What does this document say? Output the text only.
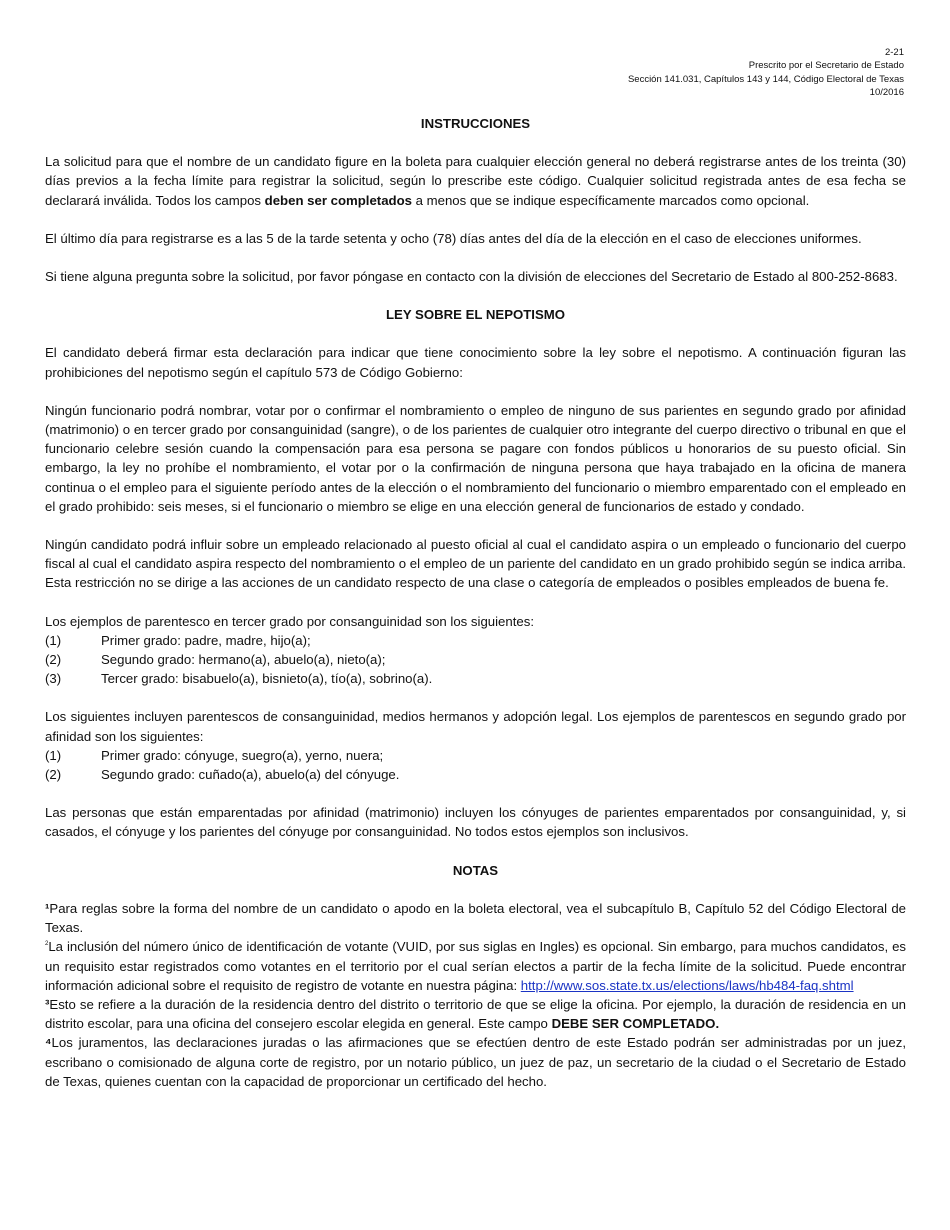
2-21
Prescrito por el Secretario de Estado
Sección 141.031, Capítulos 143 y 144, Código Electoral de Texas
10/2016
INSTRUCCIONES

La solicitud para que el nombre de un candidato figure en la boleta para cualquier elección general no deberá registrarse antes de los treinta (30) días previos a la fecha límite para registrar la solicitud, según lo prescribe este código. Cualquier solicitud registrada antes de esa fecha se declarará inválida. Todos los campos deben ser completados a menos que se indique específicamente marcados como opcional.

El último día para registrarse es a las 5 de la tarde setenta y ocho (78) días antes del día de la elección en el caso de elecciones uniformes.

Si tiene alguna pregunta sobre la solicitud, por favor póngase en contacto con la división de elecciones del Secretario de Estado al 800-252-8683.

LEY SOBRE EL NEPOTISMO

El candidato deberá firmar esta declaración para indicar que tiene conocimiento sobre la ley sobre el nepotismo. A continuación figuran las prohibiciones del nepotismo según el capítulo 573 de Código Gobierno:

Ningún funcionario podrá nombrar, votar por o confirmar el nombramiento o empleo de ninguno de sus parientes en segundo grado por afinidad (matrimonio) o en tercer grado por consanguinidad (sangre), o de los parientes de cualquier otro integrante del cuerpo directivo o tribunal en que el funcionario celebre sesión cuando la compensación para esa persona se pagare con fondos públicos u honorarios de su puesto oficial. Sin embargo, la ley no prohíbe el nombramiento, el votar por o la confirmación de ninguna persona que haya trabajado en la oficina de manera continua o el empleo para el siguiente período antes de la elección o el nombramiento del funcionario o miembro emparentado con el empleado en el grado prohibido: seis meses, si el funcionario o miembro se elige en una elección general de funcionarios de estado y condado.

Ningún candidato podrá influir sobre un empleado relacionado al puesto oficial al cual el candidato aspira o un empleado o funcionario del cuerpo fiscal al cual el candidato aspira respecto del nombramiento o el empleo de un pariente del candidato en un grado prohibido según se indica arriba. Esta restricción no se dirige a las acciones de un candidato respecto de una clase o categoría de empleados o posibles empleados de buena fe.

Los ejemplos de parentesco en tercer grado por consanguinidad son los siguientes:
(1)	Primer grado: padre, madre, hijo(a);
(2)	Segundo grado: hermano(a), abuelo(a), nieto(a);
(3)	Tercer grado: bisabuelo(a), bisnieto(a), tío(a), sobrino(a).
Los siguientes incluyen parentescos de consanguinidad, medios hermanos y adopción legal. Los ejemplos de parentescos en segundo grado por afinidad son los siguientes:
(1)	Primer grado: cónyuge, suegro(a), yerno, nuera;
(2)	Segundo grado: cuñado(a), abuelo(a) del cónyuge.

Las personas que están emparentadas por afinidad (matrimonio) incluyen los cónyuges de parientes emparentados por consanguinidad, y, si casados, el cónyuge y los parientes del cónyuge por consanguinidad. No todos estos ejemplos son inclusivos.

NOTAS

¹Para reglas sobre la forma del nombre de un candidato o apodo en la boleta electoral, vea el subcapítulo B, Capítulo 52 del Código Electoral de Texas.

$^2$La inclusión del número único de identificación de votante (VUID, por sus siglas en Ingles) es opcional. Sin embargo, para muchos candidatos, es un requisito estar registrados como votantes en el territorio por el cual serían electos a partir de la fecha límite de la solicitud. Puede encontrar información adicional sobre el requisito de registro de votante en nuestra página: http://www.sos.state.tx.us/elections/laws/hb484-faq.shtml

³Esto se refiere a la duración de la residencia dentro del distrito o territorio de que se elige la oficina. Por ejemplo, la duración de residencia en un distrito escolar, para una oficina del consejero escolar elegida en general. Este campo DEBE SER COMPLETADO.

⁴Los juramentos, las declaraciones juradas o las afirmaciones que se efectúen dentro de este Estado podrán ser administradas por un juez, escribano o comisionado de alguna corte de registro, por un notario público, un juez de paz, un secretario de la ciudad o el Secretario de Estado de Texas, quienes cuentan con la capacidad de proporcionar un certificado del hecho.
